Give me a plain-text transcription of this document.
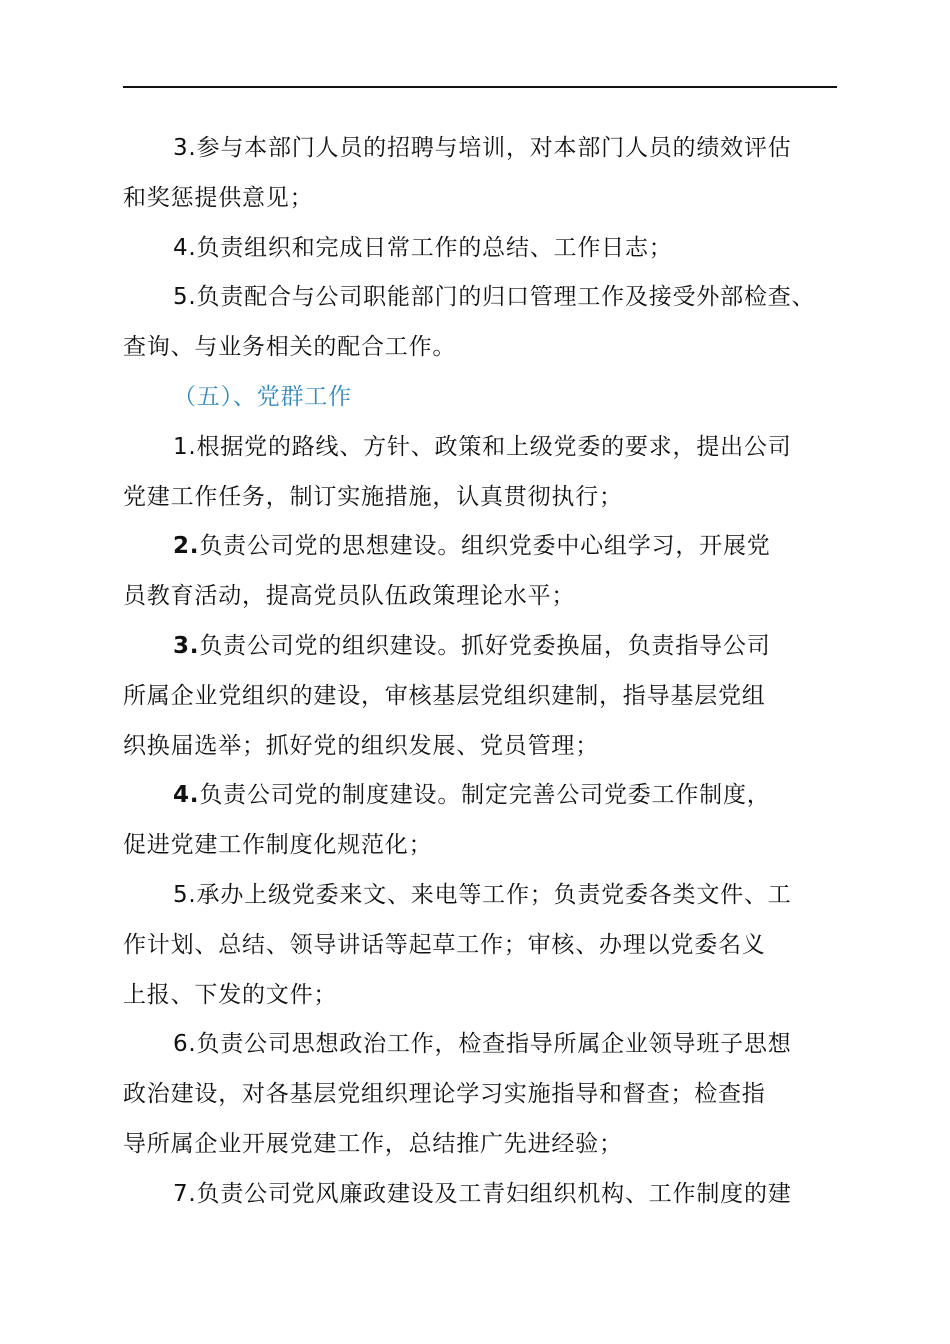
3.参与本部门人员的招聘与培训，对本部门人员的绩效评估
和奖惩提供意见；
4.负责组织和完成日常工作的总结、工作日志；
5.负责配合与公司职能部门的归口管理工作及接受外部检查、
查询、与业务相关的配合工作。
（五）、党群工作
1.根据党的路线、方针、政策和上级党委的要求，提出公司
党建工作任务，制订实施措施，认真贯彻执行；
2.负责公司党的思想建设。组织党委中心组学习，开展党
员教育活动，提高党员队伍政策理论水平；
3.负责公司党的组织建设。抓好党委换届，负责指导公司
所属企业党组织的建设，审核基层党组织建制，指导基层党组
织换届选举；抓好党的组织发展、党员管理；
4.负责公司党的制度建设。制定完善公司党委工作制度，
促进党建工作制度化规范化；
5.承办上级党委来文、来电等工作；负责党委各类文件、工
作计划、总结、领导讲话等起草工作；审核、办理以党委名义
上报、下发的文件；
6.负责公司思想政治工作，检查指导所属企业领导班子思想
政治建设，对各基层党组织理论学习实施指导和督查；检查指
导所属企业开展党建工作，总结推广先进经验；
7.负责公司党风廉政建设及工青妇组织机构、工作制度的建
